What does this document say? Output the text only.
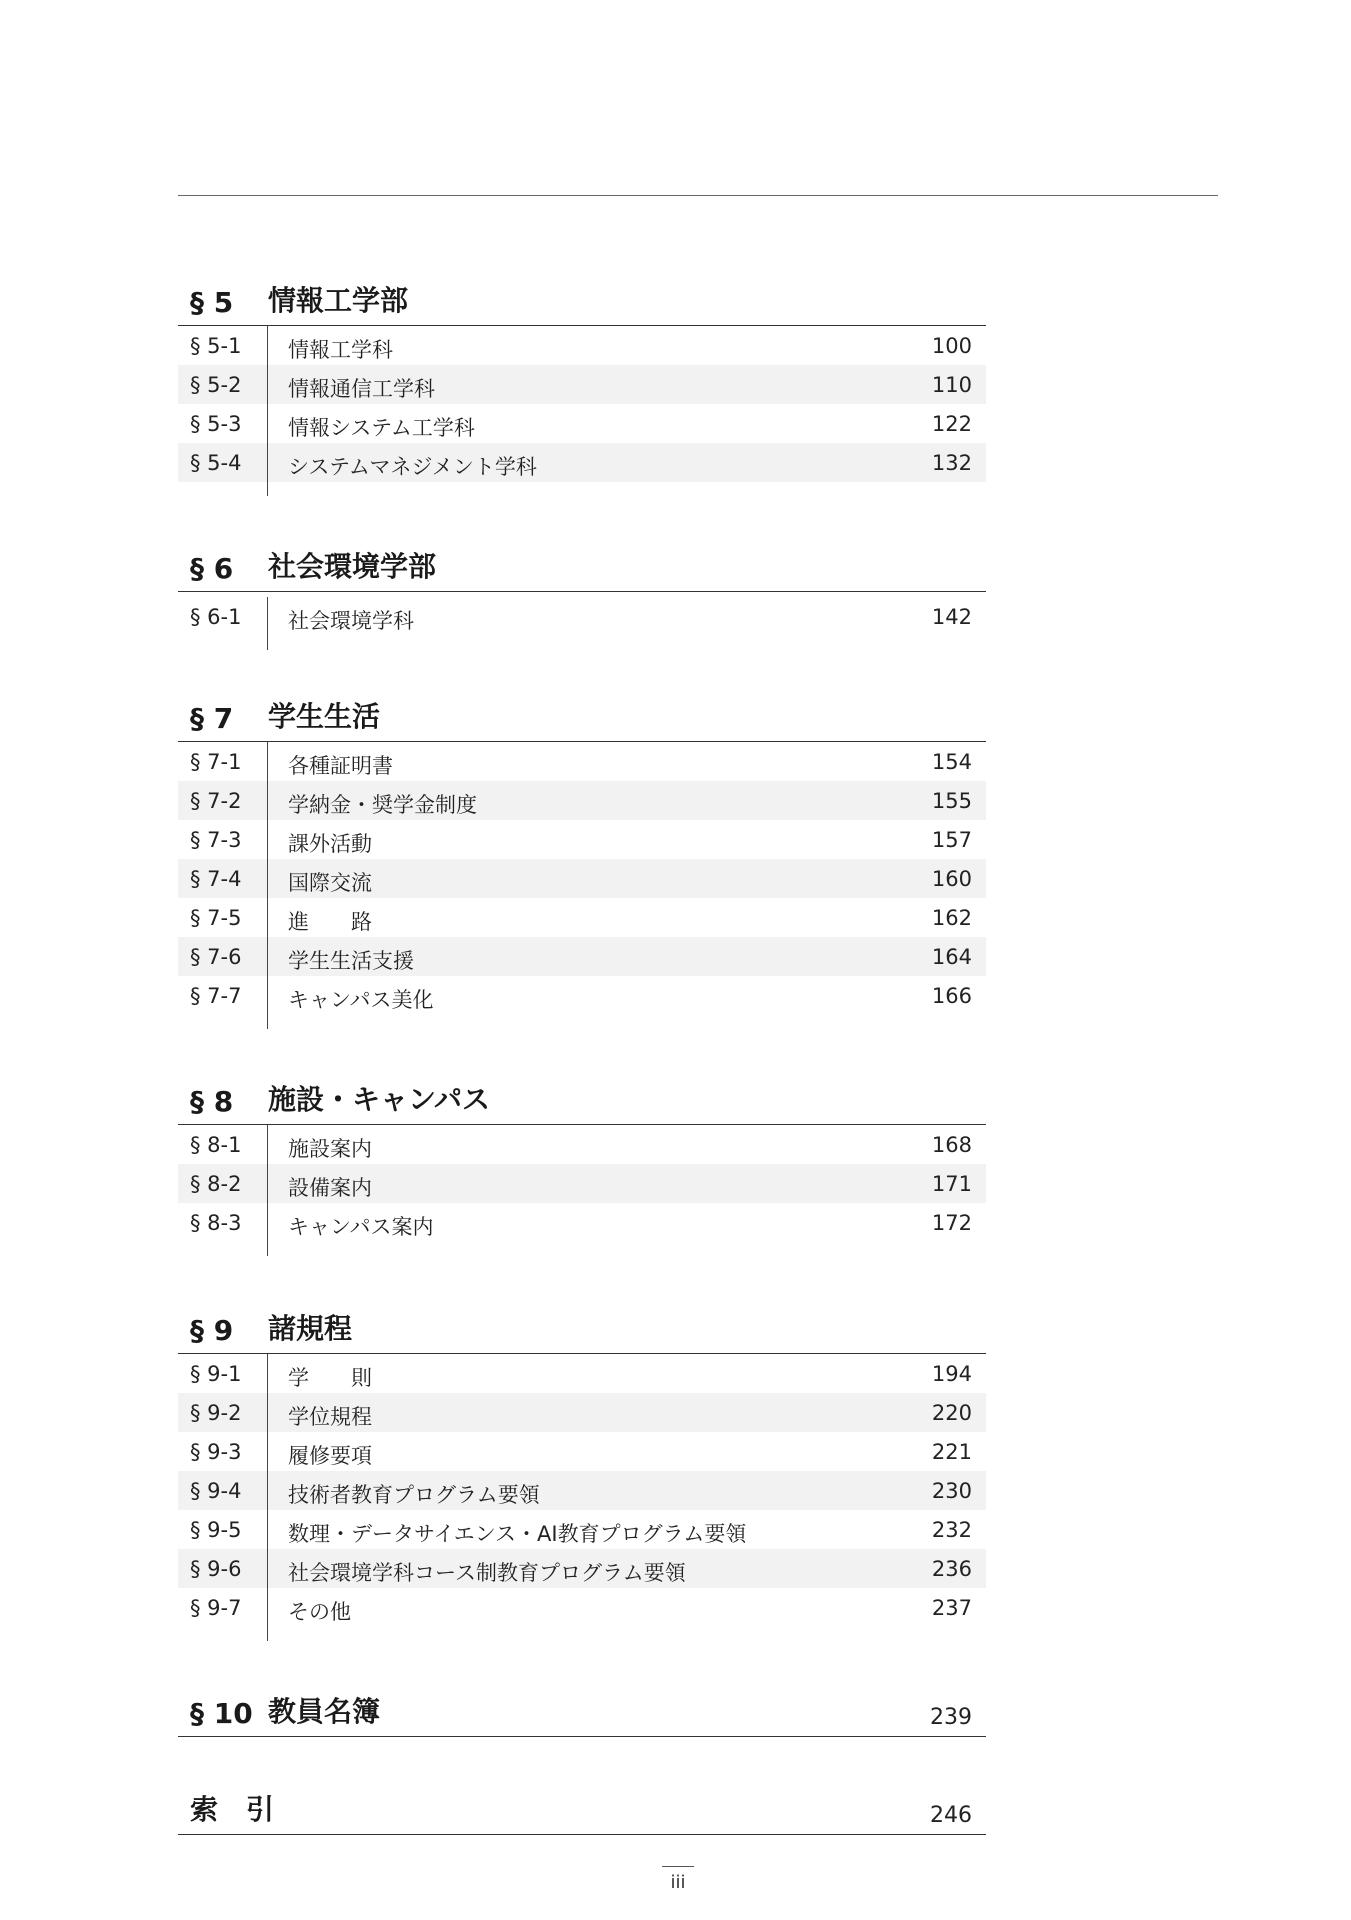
§ 5 情報工学部
§ 5-1 情報工学科	100
§ 5-2 情報通信工学科	110
§ 5-3 情報システム工学科	122
§ 5-4 システムマネジメント学科	132
§ 6 社会環境学部
§ 6-1 社会環境学科	142
§ 7 学生生活
§ 7-1 各種証明書	154
§ 7-2 学納金・奨学金制度	155
§ 7-3 課外活動	157
§ 7-4 国際交流	160
§ 7-5 進　　路	162
§ 7-6 学生生活支援	164
§ 7-7 キャンパス美化	166
§ 8 施設・キャンパス
§ 8-1 施設案内	168
§ 8-2 設備案内	171
§ 8-3 キャンパス案内	172
§ 9 諸規程
§ 9-1 学　　則	194
§ 9-2 学位規程	220
§ 9-3 履修要項	221
§ 9-4 技術者教育プログラム要領	230
§ 9-5 数理・データサイエンス・AI教育プログラム要領	232
§ 9-6 社会環境学科コース制教育プログラム要領	236
§ 9-7 その他	237
§ 10 教員名簿	239
索　引	246
iii
